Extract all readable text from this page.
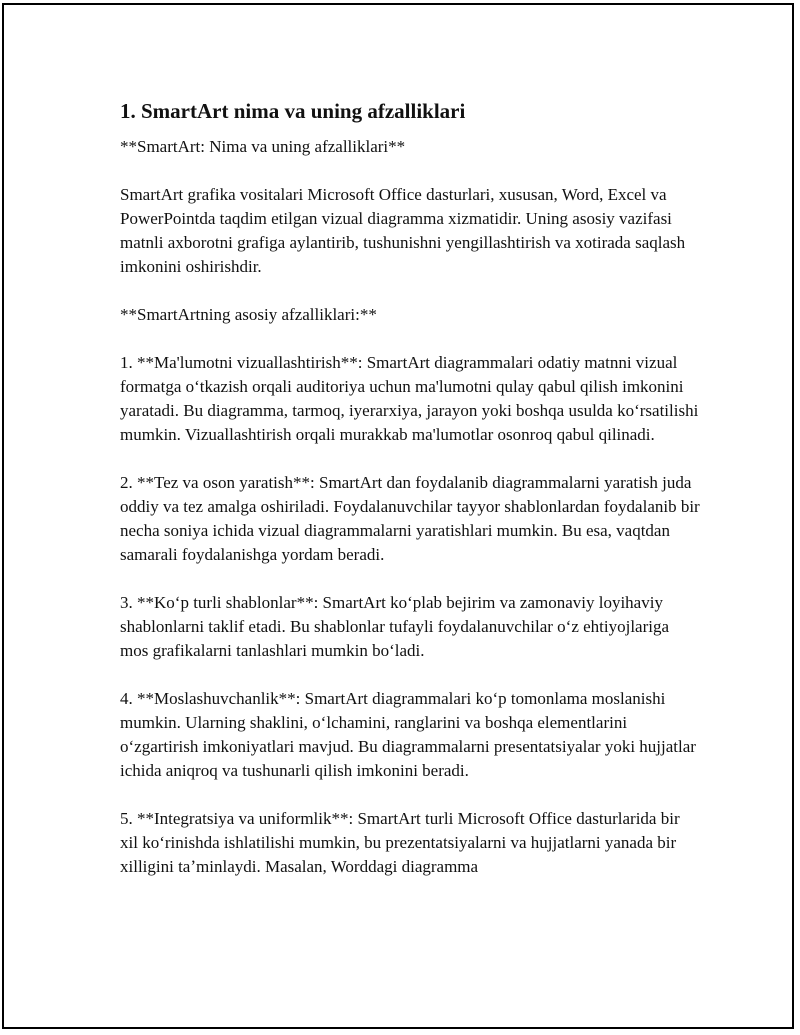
1. SmartArt nima va uning afzalliklari

**SmartArt: Nima va uning afzalliklari**

SmartArt grafika vositalari Microsoft Office dasturlari, xususan, Word, Excel va PowerPointda taqdim etilgan vizual diagramma xizmatidir. Uning asosiy vazifasi matnli axborotni grafiga aylantirib, tushunishni yengillashtirish va xotirada saqlash imkonini oshirishdir.

**SmartArtning asosiy afzalliklari:**

1. **Ma'lumotni vizuallashtirish**: SmartArt diagrammalari odatiy matnni vizual formatga oʻtkazish orqali auditoriya uchun ma'lumotni qulay qabul qilish imkonini yaratadi. Bu diagramma, tarmoq, iyerarxiya, jarayon yoki boshqa usulda koʻrsatilishi mumkin. Vizuallashtirish orqali murakkab ma'lumotlar osonroq qabul qilinadi.

2. **Tez va oson yaratish**: SmartArt dan foydalanib diagrammalarni yaratish juda oddiy va tez amalga oshiriladi. Foydalanuvchilar tayyor shablonlardan foydalanib bir necha soniya ichida vizual diagrammalarni yaratishlari mumkin. Bu esa, vaqtdan samarali foydalanishga yordam beradi.

3. **Koʻp turli shablonlar**: SmartArt koʻplab bejirim va zamonaviy loyihaviy shablonlarni taklif etadi. Bu shablonlar tufayli foydalanuvchilar oʻz ehtiyojlariga mos grafikalarni tanlashlari mumkin boʻladi.

4. **Moslashuvchanlik**: SmartArt diagrammalari koʻp tomonlama moslanishi mumkin. Ularning shaklini, oʻlchamini, ranglarini va boshqa elementlarini oʻzgartirish imkoniyatlari mavjud. Bu diagrammalarni presentatsiyalar yoki hujjatlar ichida aniqroq va tushunarli qilish imkonini beradi.

5. **Integratsiya va uniformlik**: SmartArt turli Microsoft Office dasturlarida bir xil koʻrinishda ishlatilishi mumkin, bu prezentatsiyalarni va hujjatlarni yanada bir xilligini taʼminlaydi. Masalan, Worddagi diagramma
